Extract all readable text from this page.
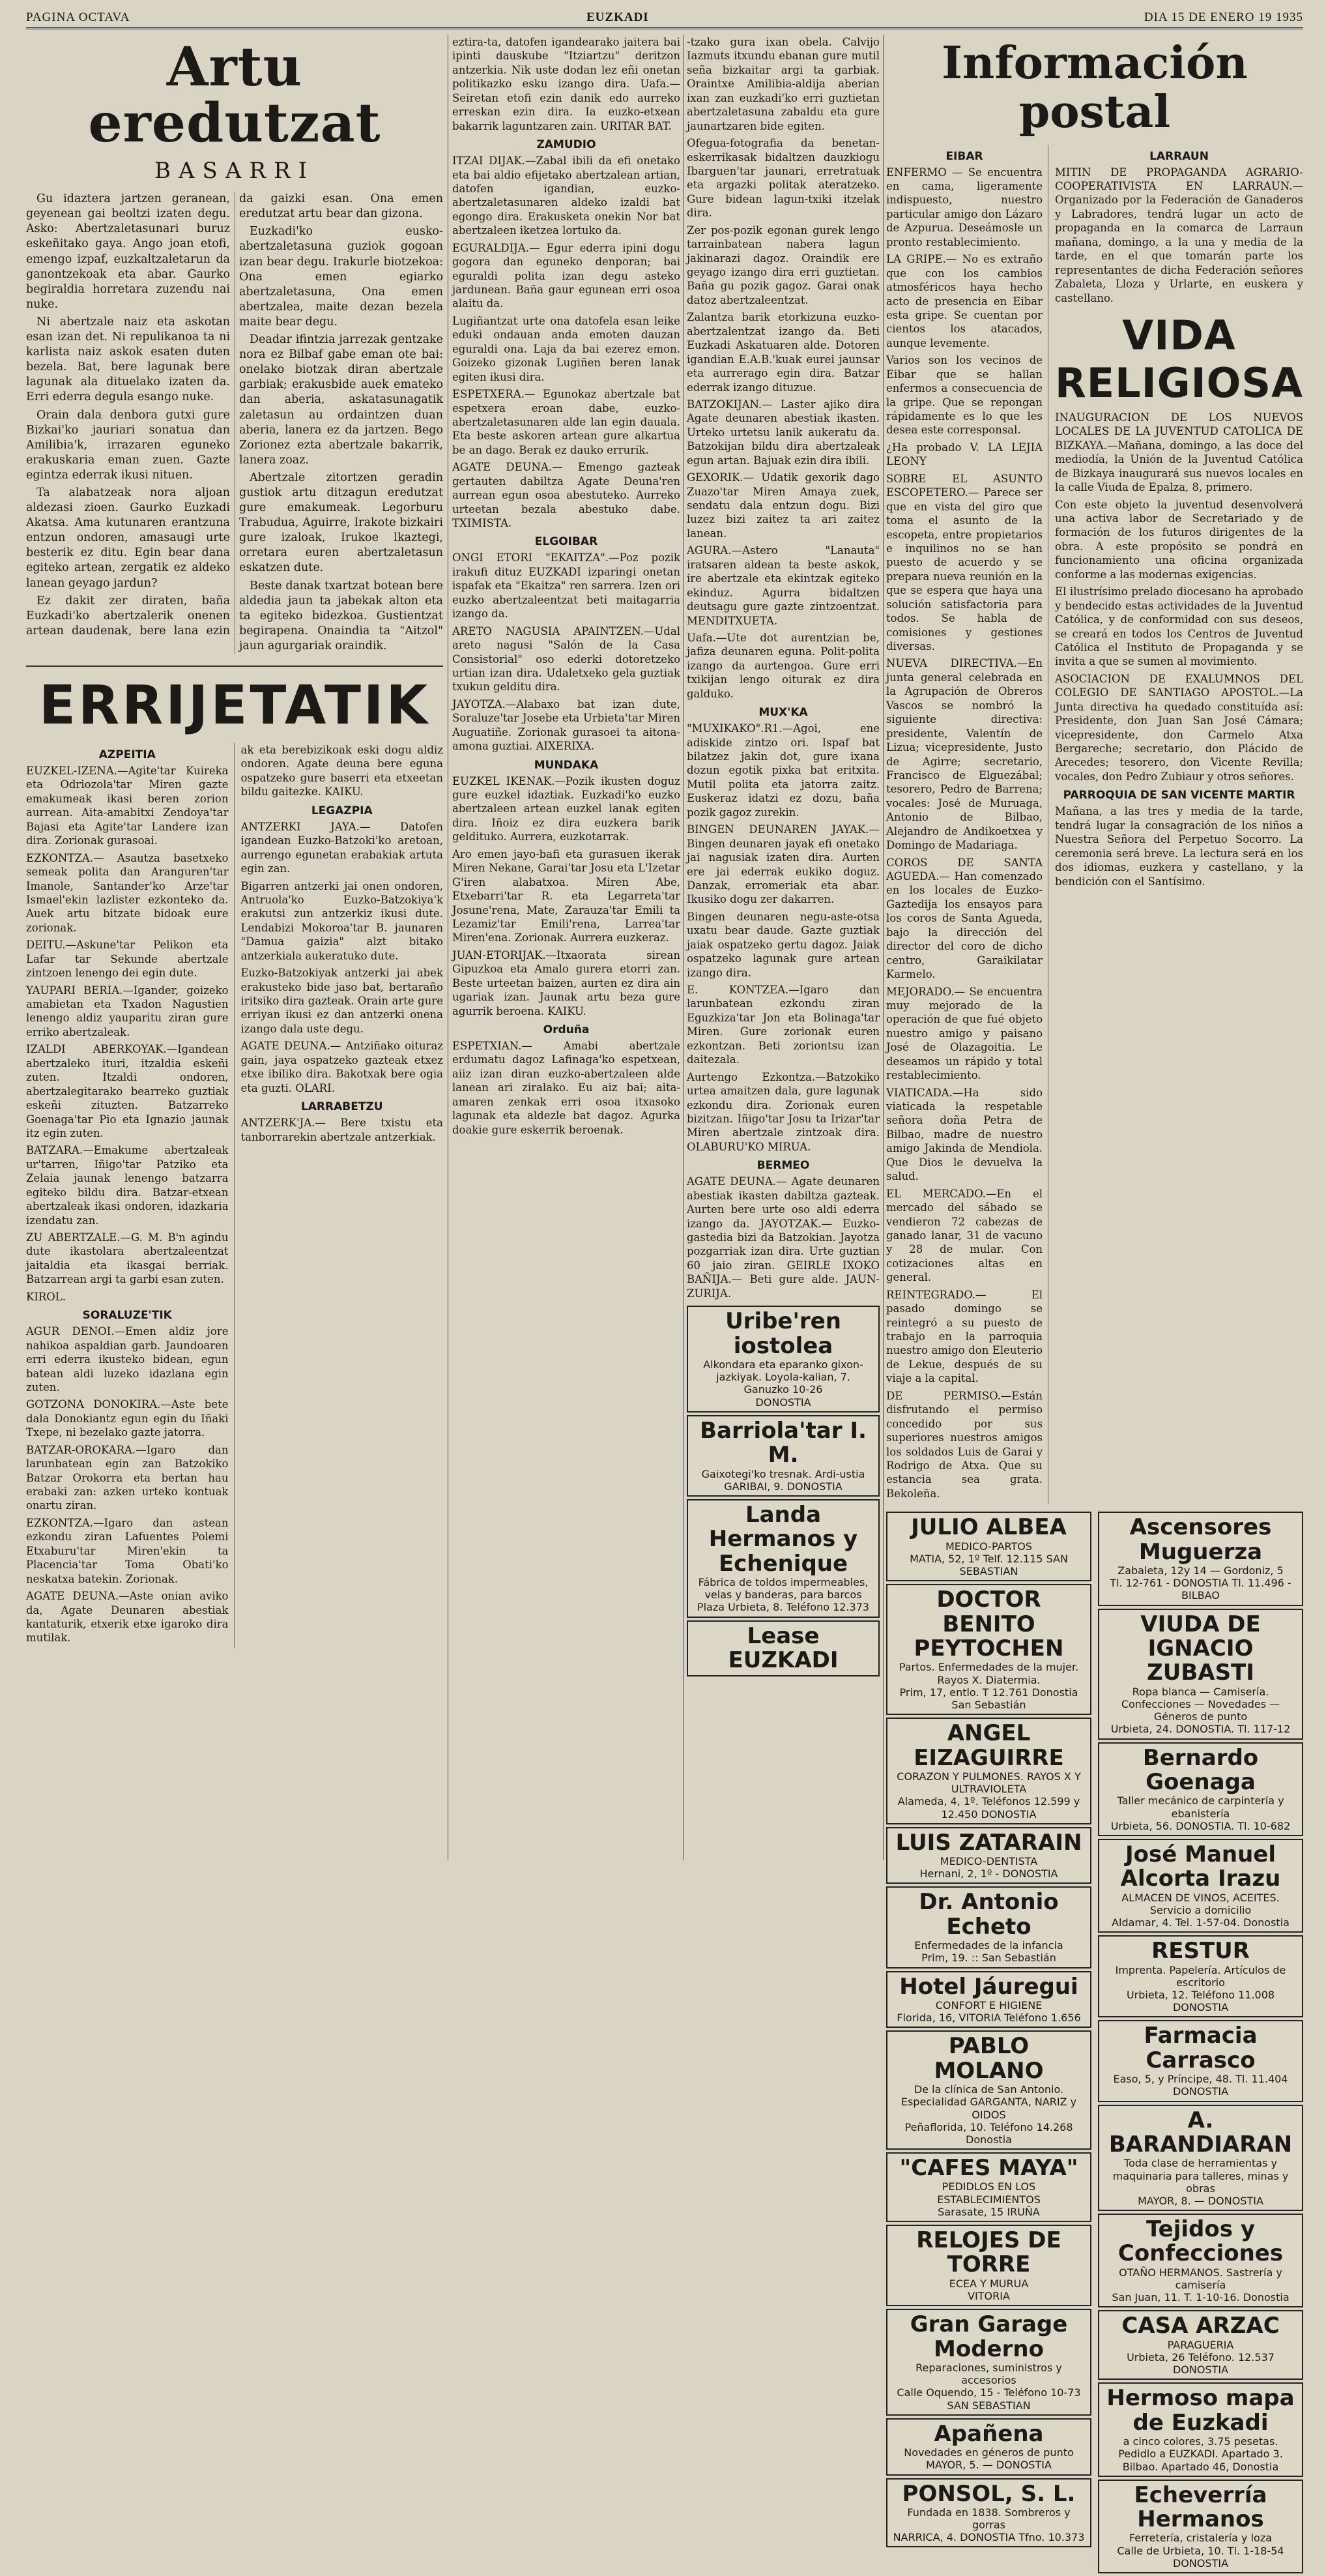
PAGINA OCTAVA	EUZKADI	DIA 15 DE ENERO 19 1935
Artu eredutzat
BASARRI

Gu idaztera jartzen geranean, geyenean gai beoltzi izaten degu. Asko: Abertzaletasunari buruz eskeñitako gaya. Ango joan etofi, emengo izpaf, euzkaltzaletarun da ganontzekoak eta abar. Gaurko begiraldia horretara zuzendu nai nuke.

Ni abertzale naiz eta askotan esan izan det. Ni repulikanoa ta ni karlista naiz askok esaten duten bezela. Bat, bere lagunak bere lagunak ala dituelako izaten da. Erri ederra degula esango nuke.

Orain dala denbora gutxi gure Bizkai'ko jauriari sonatua dan Amilibia'k, irrazaren eguneko erakuskaria eman zuen. Gazte egintza ederrak ikusi nituen.

Ta alabatzeak nora aljoan aldezasi zioen. Gaurko Euzkadi Akatsa. Ama kutunaren erantzuna entzun ondoren, amasaugi urte besterik ez ditu. Egin bear dana egiteko artean, zergatik ez aldeko lanean geyago jardun?

Ez dakit zer diraten, baña Euzkadi'ko abertzalerik onenen artean daudenak, bere lana ezin da gaizki esan. Ona emen eredutzat artu bear dan gizona.

Euzkadi'ko eusko-abertzaletasuna guziok gogoan izan bear degu. Irakurle biotzekoa: Ona emen egiarko abertzaletasuna, Ona emen abertzalea, maite dezan bezela maite bear degu.

Deadar ifintzia jarrezak gentzake nora ez Bilbaf gabe eman ote bai: onelako biotzak diran abertzale garbiak; erakusbide auek emateko dan aberia, askatasunagatik zaletasun au ordaintzen duan aberia, lanera ez da jartzen. Bego Zorionez ezta abertzale bakarrik, lanera zoaz.

Abertzale zitortzen geradin gustiok artu ditzagun eredutzat gure emakumeak. Legorburu Trabudua, Aguirre, Irakote bizkairi gure izaloak, Irukoe lkaztegi, orretara euren abertzaletasun eskatzen dute.

Beste danak txartzat botean bere aldedia jaun ta jabekak alton eta ta egiteko bidezkoa. Gustientzat begirapena. Onaindia ta "Aitzol" jaun agurgariak oraindik.

ERRIJETATIK
AZPEITIA
EUZKEL-IZENA.—Agite'tar Kuireka eta Odriozola'tar Miren gazte emakumeak ikasi beren zorion aurrean. Aita-amabitxi Zendoya'tar Bajasi eta Agite'tar Landere izan dira. Zorionak gurasoai.
EZKONTZA.— Asautza basetxeko semeak polita dan Aranguren'tar Imanole, Santander'ko Arze'tar Ismael'ekin lazlister ezkonteko da. Auek artu bitzate bidoak eure zorionak.
DEITU.—Askune'tar Pelikon eta Lafar tar Sekunde abertzale zintzoen lenengo dei egin dute.
YAUPARI BERIA.—Igander, goizeko amabietan eta Txadon Nagustien lenengo aldiz yauparitu ziran gure erriko abertzaleak.
IZALDI ABERKOYAK.—Igandean abertzaleko ituri, itzaldia eskeñi zuten. Itzaldi ondoren, abertzalegitarako bearreko guztiak eskeñi zituzten. Batzarreko Goenaga'tar Pio eta Ignazio jaunak itz egin zuten.
BATZARA.—Emakume abertzaleak ur'tarren, Iñigo'tar Patziko eta Zelaia jaunak lenengo batzarra egiteko bildu dira. Batzar-etxean abertzaleak ikasi ondoren, idazkaria izendatu zan.
ZU ABERTZALE.—G. M. B'n agindu dute ikastolara abertzaleentzat jaitaldia eta ikasgai berriak. Batzarrean argi ta garbi esan zuten.
KIROL.
SORALUZE'TIK
AGUR DENOI.—Emen aldiz jore nahikoa aspaldian garb. Jaundoaren erri ederra ikusteko bidean, egun batean aldi luzeko idazlana egin zuten.
GOTZONA DONOKIRA.—Aste bete dala Donokiantz egun egin du Iñaki Txepe, ni bezelako gazte jatorra.
BATZAR-OROKARA.—Igaro dan larunbatean egin zan Batzokiko Batzar Orokorra eta bertan hau erabaki zan: azken urteko kontuak onartu ziran.
EZKONTZA.—Igaro dan astean ezkondu ziran Lafuentes Polemi Etxaburu'tar Miren'ekin ta Placencia'tar Toma Obati'ko neskatxa batekin. Zorionak.
AGATE DEUNA.—Aste onian aviko da, Agate Deunaren abestiak kantaturik, etxerik etxe igaroko dira mutilak.
ak eta berebizikoak eski dogu aldiz ondoren. Agate deuna bere eguna ospatzeko gure baserri eta etxeetan bildu gaitezke. KAIKU.
LEGAZPIA
ANTZERKI JAYA.— Datofen igandean Euzko-Batzoki'ko aretoan, aurrengo egunetan erabakiak artuta egin zan.
Bigarren antzerki jai onen ondoren, Antruola'ko Euzko-Batzokiya'k erakutsi zun antzerkiz ikusi dute. Lendabizi Mokoroa'tar B. jaunaren "Damua gaizia" alzt bitako antzerkiala aukeratuko dute.
Euzko-Batzokiyak antzerki jai abek erakusteko bide jaso bat, bertaraño iritsiko dira gazteak. Orain arte gure erriyan ikusi ez dan antzerki onena izango dala uste degu.
AGATE DEUNA.— Antziñako oituraz gain, jaya ospatzeko gazteak etxez etxe ibiliko dira. Bakotxak bere ogia eta guzti. OLARI.
LARRABETZU
ANTZERK'JA.— Bere txistu eta tanborrarekin abertzale antzerkiak.
eztira-ta, datofen igandearako jaitera bai ipinti dauskube "Itziartzu" deritzon antzerkia. Nik uste dodan lez eñi onetan politikazko esku izango dira. Uafa.— Seiretan etofi ezin danik edo aurreko erreskan ezin dira. Ia euzko-etxean bakarrik laguntzaren zain. URITAR BAT.
ZAMUDIO
ITZAI DIJAK.—Zabal ibili da efi onetako eta bai aldio efijetako abertzalean artian, datofen igandian, euzko-abertzaletasunaren aldeko izaldi bat egongo dira. Erakusketa onekin Nor bat abertzaleen iketzea lortuko da.
EGURALDIJA.— Egur ederra ipini dogu gogora dan eguneko denporan; bai eguraldi polita izan degu asteko jardunean. Baña gaur egunean erri osoa alaitu da.
Lugiñantzat urte ona datofela esan leike eduki ondauan anda emoten dauzan eguraldi ona. Laja da bai ezerez emon. Goizeko gizonak Lugiñen beren lanak egiten ikusi dira.
ESPETXERA.— Egunokaz abertzale bat espetxera eroan dabe, euzko-abertzaletasunaren alde lan egin dauala. Eta beste askoren artean gure alkartua be an dago. Berak ez dauko errurik.
AGATE DEUNA.— Emengo gazteak gertauten dabiltza Agate Deuna'ren aurrean egun osoa abestuteko. Aurreko urteetan bezala abestuko dabe. TXIMISTA.
ELGOIBAR
ONGI ETORI "EKAITZA".—Poz pozik irakufi dituz EUZKADI izparingi onetan ispafak eta "Ekaitza" ren sarrera. Izen ori euzko abertzaleentzat beti maitagarria izango da.
ARETO NAGUSIA APAINTZEN.—Udal areto nagusi "Salón de la Casa Consistorial" oso ederki dotoretzeko urtian izan dira. Udaletxeko gela guztiak txukun gelditu dira.
JAYOTZA.—Alabaxo bat izan dute, Soraluze'tar Josebe eta Urbieta'tar Miren Auguatiñe. Zorionak gurasoei ta aitona-amona guztiai. AIXERIXA.
MUNDAKA
EUZKEL IKENAK.—Pozik ikusten doguz gure euzkel idaztiak. Euzkadi'ko euzko abertzaleen artean euzkel lanak egiten dira. Iñoiz ez dira euzkera barik geldituko. Aurrera, euzkotarrak.
Aro emen jayo-bafi eta gurasuen ikerak Miren Nekane, Garai'tar Josu eta L'Izetar G'iren alabatxoa. Miren Abe, Etxebarri'tar R. eta Legarreta'tar Josune'rena, Mate, Zarauza'tar Emili ta Lezamiz'tar Emili'rena, Larrea'tar Miren'ena. Zorionak. Aurrera euzkeraz.
JUAN-ETORIJAK.—Itxaorata sirean Gipuzkoa eta Amalo gurera etorri zan. Beste urteetan baizen, aurten ez dira ain ugariak izan. Jaunak artu beza gure agurrik beroena. KAIKU.
Orduña
ESPETXIAN.— Amabi abertzale erdumatu dagoz Lafinaga'ko espetxean, aiiz izan diran euzko-abertzaleen alde lanean ari ziralako. Eu aiz bai; aita-amaren zenkak erri osoa itxasoko lagunak eta aldezle bat dagoz. Agurka doakie gure eskerrik beroenak.
-tzako gura ixan obela. Calvijo Iazmuts itxundu ebanan gure mutil seña bizkaitar argi ta garbiak. Oraintxe Amilibia-aldija aberian ixan zan euzkadi'ko erri guztietan abertzaletasuna zabaldu eta gure jaunartzaren bide egiten.
Ofegua-fotografia da benetan-eskerrikasak bidaltzen dauzkiogu Ibarguen'tar jaunari, erretratuak eta argazki politak ateratzeko. Gure bidean lagun-txiki itzelak dira.
Zer pos-pozik egonan gurek lengo tarrainbatean nabera lagun jakinarazi dagoz. Oraindik ere geyago izango dira erri guztietan. Baña gu pozik gagoz. Garai onak datoz abertzaleentzat.
Zalantza barik etorkizuna euzko-abertzalentzat izango da. Beti Euzkadi Askatuaren alde. Dotoren igandian E.A.B.'kuak eurei jaunsar eta aurrerago egin dira. Batzar ederrak izango dituzue.
BATZOKIJAN.— Laster ajiko dira Agate deunaren abestiak ikasten. Urteko urtetsu lanik aukeratu da. Batzokijan bildu dira abertzaleak egun artan. Bajuak ezin dira ibili.
GEXORIK.— Udatik gexorik dago Zuazo'tar Miren Amaya zuek, sendatu dala entzun dogu. Bizi luzez bizi zaitez ta ari zaitez lanean.
AGURA.—Astero "Lanauta" iratsaren aldean ta beste askok, ire abertzale eta ekintzak egiteko ekinduz. Agurra bidaltzen deutsagu gure gazte zintzoentzat. MENDITXUETA.
Uafa.—Ute dot aurentzian be, jafiza deunaren eguna. Polit-polita izango da aurtengoa. Gure erri txikijan lengo oiturak ez dira galduko.
MUX'KA
"MUXIKAKO".R1.—Agoi, ene adiskide zintzo ori. Ispaf bat bilatzez jakin dot, gure ixana dozun egotik pixka bat eritxita. Mutil polita eta jatorra zaitz. Euskeraz idatzi ez dozu, baña pozik gagoz zurekin.
BINGEN DEUNAREN JAYAK.— Bingen deunaren jayak efi onetako jai nagusiak izaten dira. Aurten ere jai ederrak eukiko doguz. Danzak, erromeriak eta abar. Ikusiko dogu zer dakarren.
Bingen deunaren negu-aste-otsa uxatu bear daude. Gazte guztiak jaiak ospatzeko gertu dagoz. Jaiak ospatzeko lagunak gure artean izango dira.
E. KONTZEA.—Igaro dan larunbatean ezkondu ziran Eguzkiza'tar Jon eta Bolinaga'tar Miren. Gure zorionak euren ezkontzan. Beti zoriontsu izan daitezala.
Aurtengo Ezkontza.—Batzokiko urtea amaitzen dala, gure lagunak ezkondu dira. Zorionak euren bizitzan. Iñigo'tar Josu ta Irizar'tar Miren abertzale zintzoak dira. OLABURU'KO MIRUA.
BERMEO
AGATE DEUNA.— Agate deunaren abestiak ikasten dabiltza gazteak. Aurten bere urte oso aldi ederra izango da. JAYOTZAK.— Euzko-gastedia bizi da Batzokian. Jayotza pozgarriak izan dira. Urte guztian 60 jaio ziran. GEIRLE IXOKO BAÑIJA.— Beti gure alde. JAUN-ZURIJA.
Uribe'ren iostolea
Alkondara eta eparanko gixon-jazkiyak. Loyola-kalian, 7. Ganuzko 10-26
DONOSTIA
Barriola'tar I. M.
Gaixotegi'ko tresnak. Ardi-ustia
GARIBAI, 9. DONOSTIA
Landa Hermanos y Echenique
Fábrica de toldos impermeables, velas y banderas, para barcos
Plaza Urbieta, 8. Teléfono 12.373
Lease EUZKADI
Información postal
EIBAR
ENFERMO — Se encuentra en cama, ligeramente indispuesto, nuestro particular amigo don Lázaro de Azpurua. Deseámosle un pronto restablecimiento.
LA GRIPE.— No es extraño que con los cambios atmosféricos haya hecho acto de presencia en Eibar esta gripe. Se cuentan por cientos los atacados, aunque levemente.
Varios son los vecinos de Eibar que se hallan enfermos a consecuencia de la gripe. Que se repongan rápidamente es lo que les desea este corresponsal.
¿Ha probado V. LA LEJIA LEONY
SOBRE EL ASUNTO ESCOPETERO.— Parece ser que en vista del giro que toma el asunto de la escopeta, entre propietarios e inquilinos no se han puesto de acuerdo y se prepara nueva reunión en la que se espera que haya una solución satisfactoria para todos. Se habla de comisiones y gestiones diversas.
NUEVA DIRECTIVA.—En junta general celebrada en la Agrupación de Obreros Vascos se nombró la siguiente directiva: presidente, Valentín de Lizua; vicepresidente, Justo de Agirre; secretario, Francisco de Elguezábal; tesorero, Pedro de Barrena; vocales: José de Muruaga, Antonio de Bilbao, Alejandro de Andikoetxea y Domingo de Madariaga.
COROS DE SANTA AGUEDA.— Han comenzado en los locales de Euzko-Gaztedija los ensayos para los coros de Santa Agueda, bajo la dirección del director del coro de dicho centro, Garaikilatar Karmelo.
MEJORADO.— Se encuentra muy mejorado de la operación de que fué objeto nuestro amigo y paisano José de Olazagoitia. Le deseamos un rápido y total restablecimiento.
VIATICADA.—Ha sido viaticada la respetable señora doña Petra de Bilbao, madre de nuestro amigo Jakinda de Mendiola. Que Dios le devuelva la salud.
EL MERCADO.—En el mercado del sábado se vendieron 72 cabezas de ganado lanar, 31 de vacuno y 28 de mular. Con cotizaciones altas en general.
REINTEGRADO.— El pasado domingo se reintegró a su puesto de trabajo en la parroquia nuestro amigo don Eleuterio de Lekue, después de su viaje a la capital.
DE PERMISO.—Están disfrutando el permiso concedido por sus superiores nuestros amigos los soldados Luis de Garai y Rodrigo de Atxa. Que su estancia sea grata. Bekoleña.
LARRAUN
MITIN DE PROPAGANDA AGRARIO-COOPERATIVISTA EN LARRAUN.—Organizado por la Federación de Ganaderos y Labradores, tendrá lugar un acto de propaganda en la comarca de Larraun mañana, domingo, a la una y media de la tarde, en el que tomarán parte los representantes de dicha Federación señores Zabaleta, Lloza y Urlarte, en euskera y castellano.
VIDA RELIGIOSA
INAUGURACION DE LOS NUEVOS LOCALES DE LA JUVENTUD CATOLICA DE BIZKAYA.—Mañana, domingo, a las doce del mediodía, la Unión de la Juventud Católica de Bizkaya inaugurará sus nuevos locales en la calle Viuda de Epalza, 8, primero.
Con este objeto la juventud desenvolverá una activa labor de Secretariado y de formación de los futuros dirigentes de la obra. A este propósito se pondrá en funcionamiento una oficina organizada conforme a las modernas exigencias.
El ilustrísimo prelado diocesano ha aprobado y bendecido estas actividades de la Juventud Católica, y de conformidad con sus deseos, se creará en todos los Centros de Juventud Católica el Instituto de Propaganda y se invita a que se sumen al movimiento.
ASOCIACION DE EXALUMNOS DEL COLEGIO DE SANTIAGO APOSTOL.—La Junta directiva ha quedado constituída así: Presidente, don Juan San José Cámara; vicepresidente, don Carmelo Atxa Bergareche; secretario, don Plácido de Arecedes; tesorero, don Vicente Revilla; vocales, don Pedro Zubiaur y otros señores.
PARROQUIA DE SAN VICENTE MARTIR
Mañana, a las tres y media de la tarde, tendrá lugar la consagración de los niños a Nuestra Señora del Perpetuo Socorro. La ceremonia será breve. La lectura será en los dos idiomas, euzkera y castellano, y la bendición con el Santísimo.
JULIO ALBEA
MEDICO-PARTOS
MATIA, 52, 1º Telf. 12.115 SAN SEBASTIAN
DOCTOR BENITO PEYTOCHEN
Partos. Enfermedades de la mujer. Rayos X. Diatermia.
Prim, 17, entlo. T 12.761 Donostia San Sebastián
ANGEL EIZAGUIRRE
CORAZON Y PULMONES. RAYOS X Y ULTRAVIOLETA
Alameda, 4, 1º. Teléfonos 12.599 y 12.450 DONOSTIA
LUIS ZATARAIN
MEDICO-DENTISTA
Hernani, 2, 1º - DONOSTIA
Dr. Antonio Echeto
Enfermedades de la infancia
Prim, 19. :: San Sebastián
Hotel Jáuregui
CONFORT E HIGIENE
Florida, 16, VITORIA Teléfono 1.656
PABLO MOLANO
De la clínica de San Antonio. Especialidad GARGANTA, NARIZ y OIDOS
Peñaflorida, 10. Teléfono 14.268 Donostia
"CAFES MAYA"
PEDIDLOS EN LOS ESTABLECIMIENTOS
Sarasate, 15 IRUÑA
RELOJES DE TORRE
ECEA Y MURUA
VITORIA
Gran Garage Moderno
Reparaciones, suministros y accesorios
Calle Oquendo, 15 - Teléfono 10-73 SAN SEBASTIAN
Apañena
Novedades en géneros de punto
MAYOR, 5. — DONOSTIA
PONSOL, S. L.
Fundada en 1838. Sombreros y gorras
NARRICA, 4. DONOSTIA Tfno. 10.373
Ascensores Muguerza
Zabaleta, 12y 14 — Gordoniz, 5
Tl. 12-761 - DONOSTIA Tl. 11.496 - BILBAO
VIUDA DE IGNACIO ZUBASTI
Ropa blanca — Camisería. Confecciones — Novedades — Géneros de punto
Urbieta, 24. DONOSTIA. Tl. 117-12
Bernardo Goenaga
Taller mecánico de carpintería y ebanistería
Urbieta, 56. DONOSTIA. Tl. 10-682
José Manuel Alcorta Irazu
ALMACEN DE VINOS, ACEITES. Servicio a domicilio
Aldamar, 4. Tel. 1-57-04. Donostia
RESTUR
Imprenta. Papelería. Artículos de escritorio
Urbieta, 12. Teléfono 11.008 DONOSTIA
Farmacia Carrasco
Easo, 5, y Príncipe, 48. Tl. 11.404
DONOSTIA
A. BARANDIARAN
Toda clase de herramientas y maquinaria para talleres, minas y obras
MAYOR, 8. — DONOSTIA
Tejidos y Confecciones
OTAÑO HERMANOS. Sastrería y camisería
San Juan, 11. T. 1-10-16. Donostia
CASA ARZAC
PARAGUERIA
Urbieta, 26 Teléfono. 12.537 DONOSTIA
Hermoso mapa de Euzkadi
a cinco colores, 3.75 pesetas. Pedidlo a EUZKADI. Apartado 3.
Bilbao. Apartado 46, Donostia
Echeverría Hermanos
Ferretería, cristalería y loza
Calle de Urbieta, 10. Tl. 1-18-54 DONOSTIA
